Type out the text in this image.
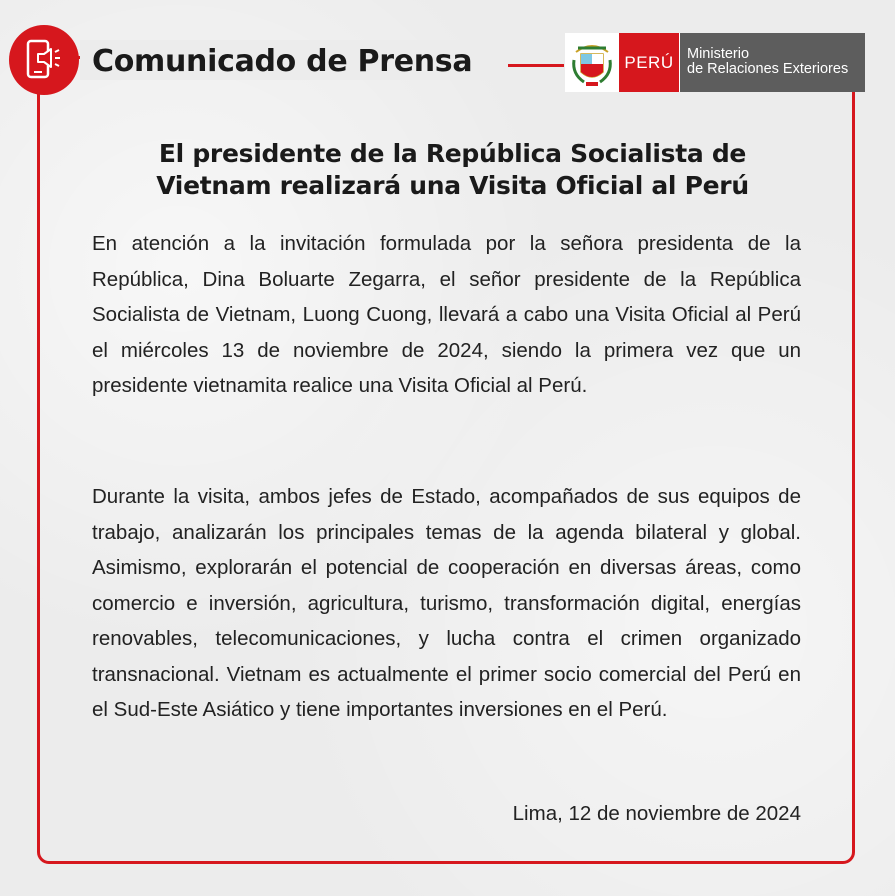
Comunicado de Prensa	PERÚ Ministerio
de Relaciones Exteriores
El presidente de la República Socialista de
Vietnam realizará una Visita Oficial al Perú
En atención a la invitación formulada por la señora presidenta de la República, Dina Boluarte Zegarra, el señor presidente de la República Socialista de Vietnam, Luong Cuong, llevará a cabo una Visita Oficial al Perú el miércoles 13 de noviembre de 2024, siendo la primera vez que un presidente vietnamita realice una Visita Oficial al Perú.
Durante la visita, ambos jefes de Estado, acompañados de sus equipos de trabajo, analizarán los principales temas de la agenda bilateral y global. Asimismo, explorarán el potencial de cooperación en diversas áreas, como comercio e inversión, agricultura, turismo, transformación digital, energías renovables, telecomunicaciones, y lucha contra el crimen organizado transnacional. Vietnam es actualmente el primer socio comercial del Perú en el Sud-Este Asiático y tiene importantes inversiones en el Perú.
Lima, 12 de noviembre de 2024
